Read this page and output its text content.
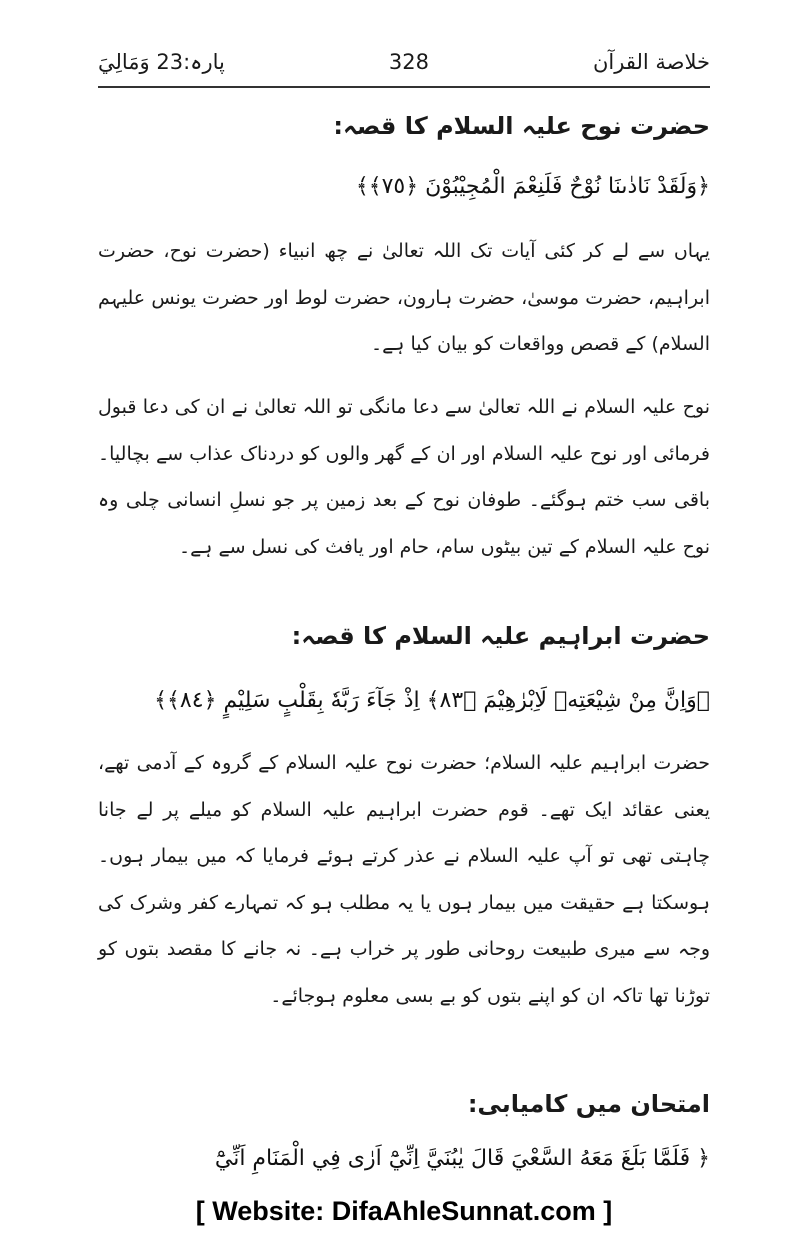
پارہ:23 وَمَالِيَ	328	خلاصة القرآن
حضرت نوح علیہ السلام کا قصہ:
﴿وَلَقَدْ نَادٰىنَا نُوْحٌ فَلَنِعْمَ الْمُجِيْبُوْنَ ﴿٧٥﴾﴾
یہاں سے لے کر کئی آیات تک اللہ تعالیٰ نے چھ انبیاء (حضرت نوح، حضرت ابراہیم، حضرت موسیٰ، حضرت ہارون، حضرت لوط اور حضرت یونس علیہم السلام) کے قصص وواقعات کو بیان کیا ہے۔
نوح علیہ السلام نے اللہ تعالیٰ سے دعا مانگی تو اللہ تعالیٰ نے ان کی دعا قبول فرمائی اور نوح علیہ السلام اور ان کے گھر والوں کو دردناک عذاب سے بچالیا۔ باقی سب ختم ہوگئے۔ طوفان نوح کے بعد زمین پر جو نسلِ انسانی چلی وہ نوح علیہ السلام کے تین بیٹوں سام، حام اور یافث کی نسل سے ہے۔
حضرت ابراہیم علیہ السلام کا قصہ:
﴿وَاِنَّ مِنْ شِيْعَتِهٖ لَاِبْرٰهِيْمَ ﴿٨٣﴾ اِذْ جَآءَ رَبَّهٗ بِقَلْبٍ سَلِيْمٍ ﴿٨٤﴾﴾
حضرت ابراہیم علیہ السلام؛ حضرت نوح علیہ السلام کے گروہ کے آدمی تھے، یعنی عقائد ایک تھے۔ قوم حضرت ابراہیم علیہ السلام کو میلے پر لے جانا چاہتی تھی تو آپ علیہ السلام نے عذر کرتے ہوئے فرمایا کہ میں بیمار ہوں۔ ہوسکتا ہے حقیقت میں بیمار ہوں یا یہ مطلب ہو کہ تمہارے کفر وشرک کی وجہ سے میری طبیعت روحانی طور پر خراب ہے۔ نہ جانے کا مقصد بتوں کو توڑنا تھا تاکہ ان کو اپنے بتوں کو بے بسی معلوم ہوجائے۔
امتحان میں کامیابی:
﴿ فَلَمَّا بَلَغَ مَعَهُ السَّعْيَ قَالَ يٰبُنَيَّ اِنِّيْٓ اَرٰى فِي الْمَنَامِ اَنِّيْٓ
[ Website: DifaAhleSunnat.com ]
